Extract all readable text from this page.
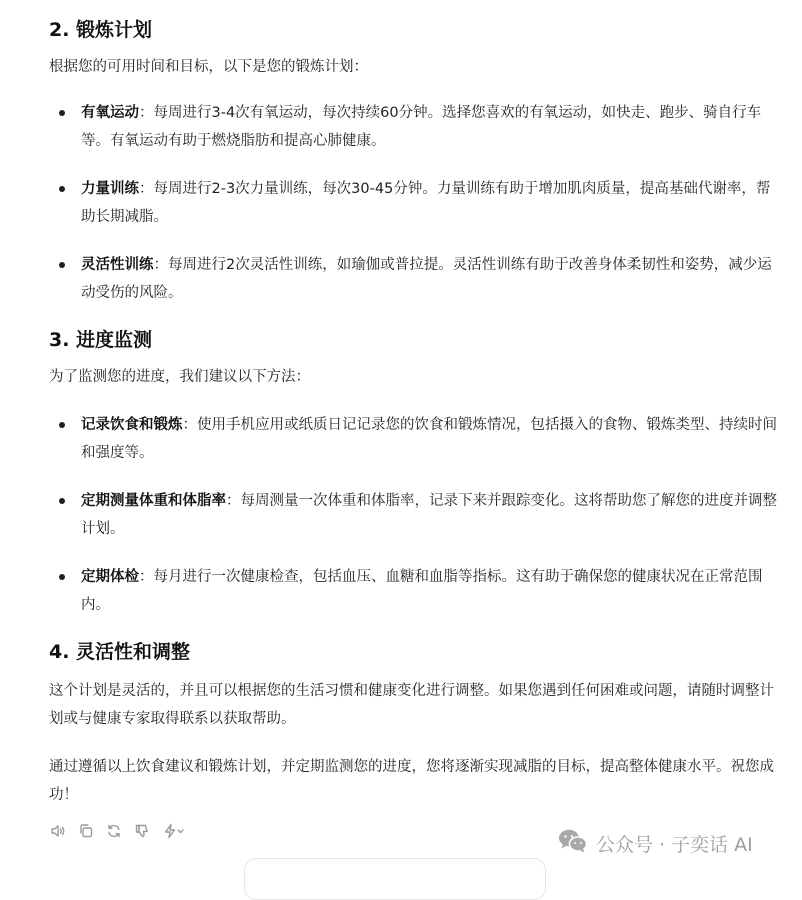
2. 锻炼计划

根据您的可用时间和目标，以下是您的锻炼计划：

有氧运动：每周进行3-4次有氧运动，每次持续60分钟。选择您喜欢的有氧运动，如快走、跑步、骑自行车等。有氧运动有助于燃烧脂肪和提高心肺健康。
力量训练：每周进行2-3次力量训练，每次30-45分钟。力量训练有助于增加肌肉质量，提高基础代谢率，帮助长期减脂。
灵活性训练：每周进行2次灵活性训练，如瑜伽或普拉提。灵活性训练有助于改善身体柔韧性和姿势，减少运动受伤的风险。
3. 进度监测

为了监测您的进度，我们建议以下方法：

记录饮食和锻炼：使用手机应用或纸质日记记录您的饮食和锻炼情况，包括摄入的食物、锻炼类型、持续时间和强度等。
定期测量体重和体脂率：每周测量一次体重和体脂率，记录下来并跟踪变化。这将帮助您了解您的进度并调整计划。
定期体检：每月进行一次健康检查，包括血压、血糖和血脂等指标。这有助于确保您的健康状况在正常范围内。
4. 灵活性和调整

这个计划是灵活的，并且可以根据您的生活习惯和健康变化进行调整。如果您遇到任何困难或问题，请随时调整计划或与健康专家取得联系以获取帮助。

通过遵循以上饮食建议和锻炼计划，并定期监测您的进度，您将逐渐实现减脂的目标，提高整体健康水平。祝您成功！

公众号 · 子奕话 AI
